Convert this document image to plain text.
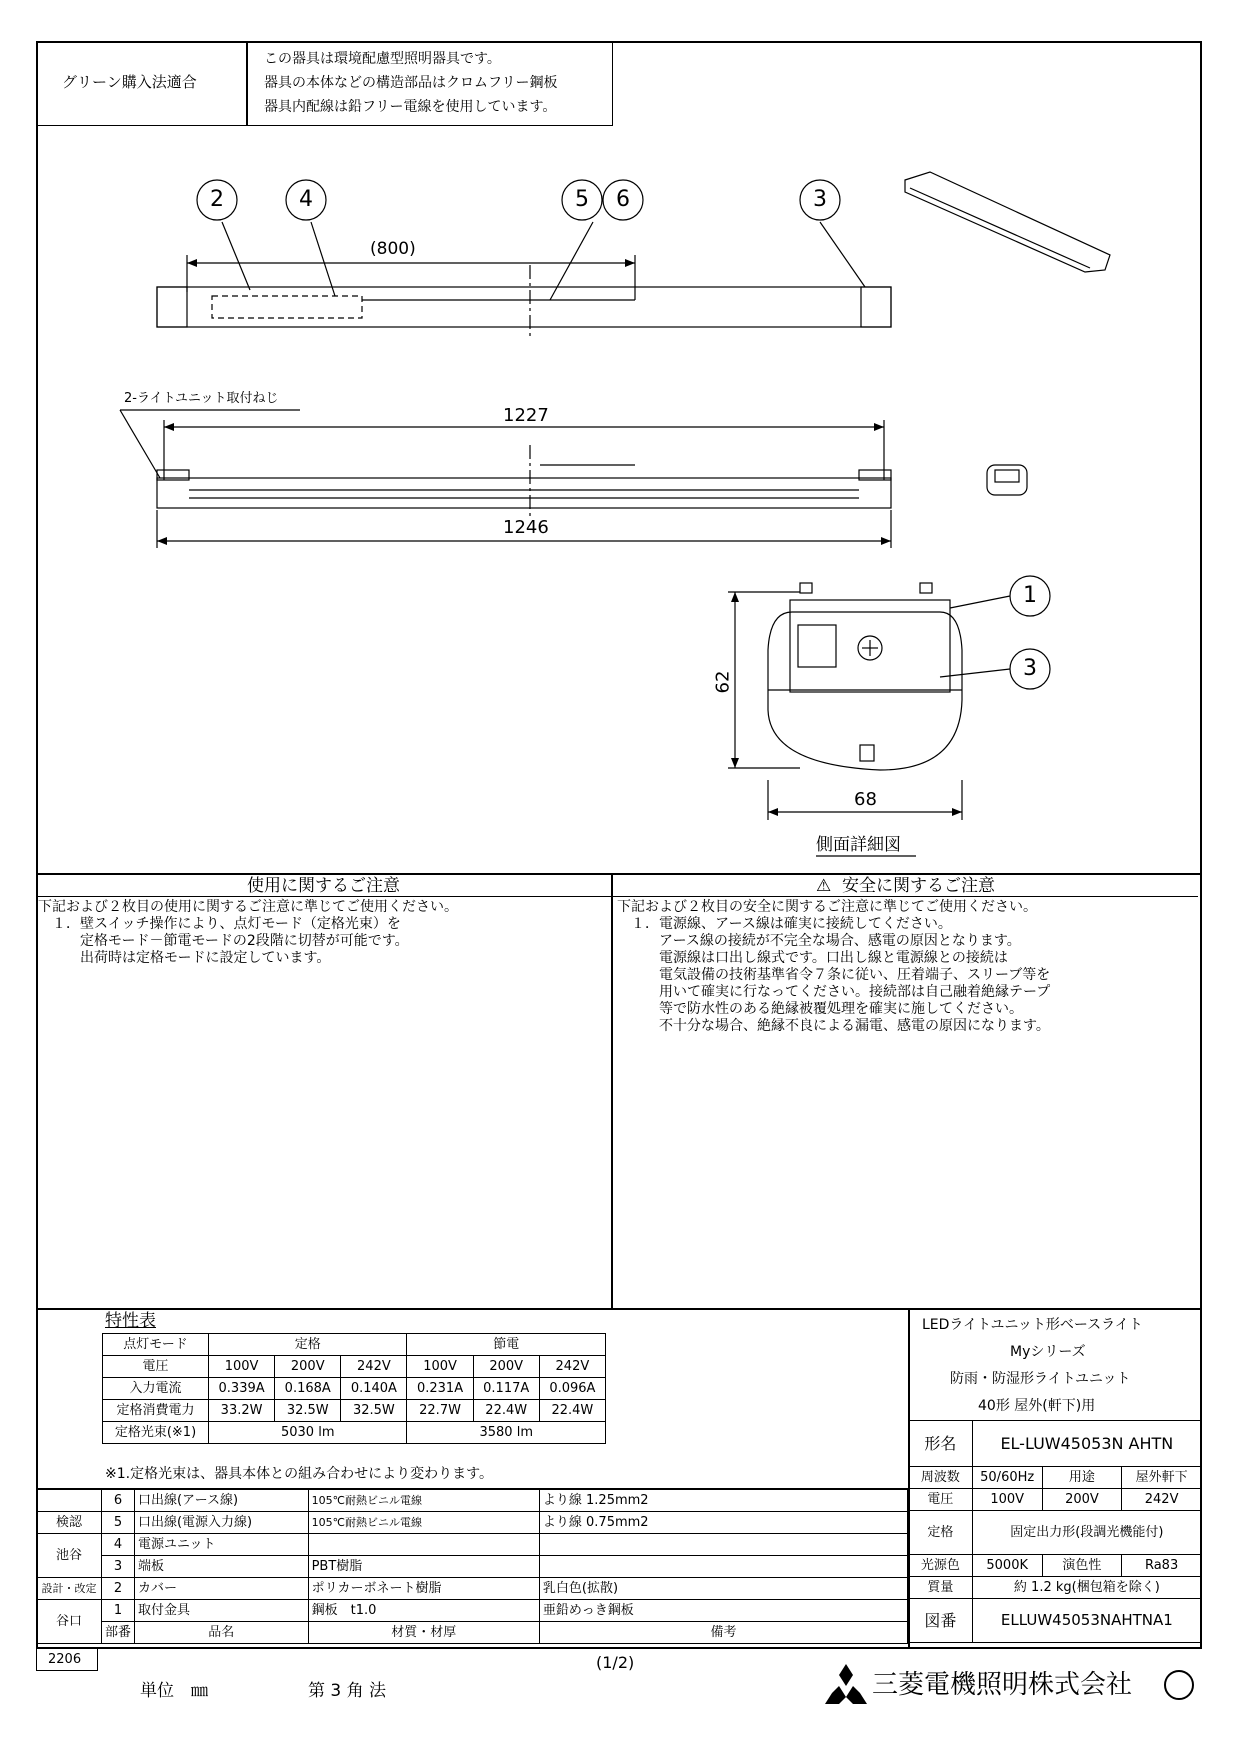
グリーン購入法適合
この器具は環境配慮型照明器具です。
器具の本体などの構造部品はクロムフリー鋼板
器具内配線は鉛フリー電線を使用しています。
2	4	5 6	3
1
3
(800)
2-ライトユニット取付ねじ
1227
1246
62
68
側面詳細図
使用に関するご注意	⚠ 安全に関するご注意
下記および２枚目の使用に関するご注意に準じてご使用ください。
　１．壁スイッチ操作により、点灯モード（定格光束）を
　　　定格モード－節電モードの2段階に切替が可能です。
　　　出荷時は定格モードに設定しています。
下記および２枚目の安全に関するご注意に準じてご使用ください。
　１．電源線、アース線は確実に接続してください。
　　　アース線の接続が不完全な場合、感電の原因となります。
　　　電源線は口出し線式です。口出し線と電源線との接続は
　　　電気設備の技術基準省令７条に従い、圧着端子、スリーブ等を
　　　用いて確実に行なってください。接続部は自己融着絶縁テープ
　　　等で防水性のある絶縁被覆処理を確実に施してください。
　　　不十分な場合、絶縁不良による漏電、感電の原因になります。
特性表
点灯モード	定格			節電		
電圧	100V	200V	242V	100V	200V	242V
入力電流	0.339A	0.168A	0.140A	0.231A	0.117A	0.096A
定格消費電力	33.2W	32.5W	32.5W	22.7W	22.4W	22.4W
定格光束(※1)	5030 lm			3580 lm		
※1.定格光束は、器具本体との組み合わせにより変わります。
	6	口出線(アース線)	105℃耐熱ビニル電線	より線 1.25mm2
検認	5	口出線(電源入力線)	105℃耐熱ビニル電線	より線 0.75mm2
池谷	4	電源ユニット		
	3	端板	PBT樹脂	
設計・改定	2	カバー	ポリカーボネート樹脂	乳白色(拡散)
谷口	1	取付金具	鋼板　t1.0	亜鉛めっき鋼板
	部番	品名	材質・材厚	備考
LEDライトユニット形ベースライト
Myシリーズ
防雨・防湿形ライトユニット
40形 屋外(軒下)用
形名	EL-LUW45053N AHTN		
周波数	50/60Hz	用途	屋外軒下
電圧	100V	200V	242V
定格	固定出力形(段調光機能付)		
光源色	5000K	演色性	Ra83
質量	約 1.2 kg(梱包箱を除く)		
図番	ELLUW45053NAHTNA1		
2206
単位　㎜	第 3 角 法
(1/2)
三菱電機照明株式会社
